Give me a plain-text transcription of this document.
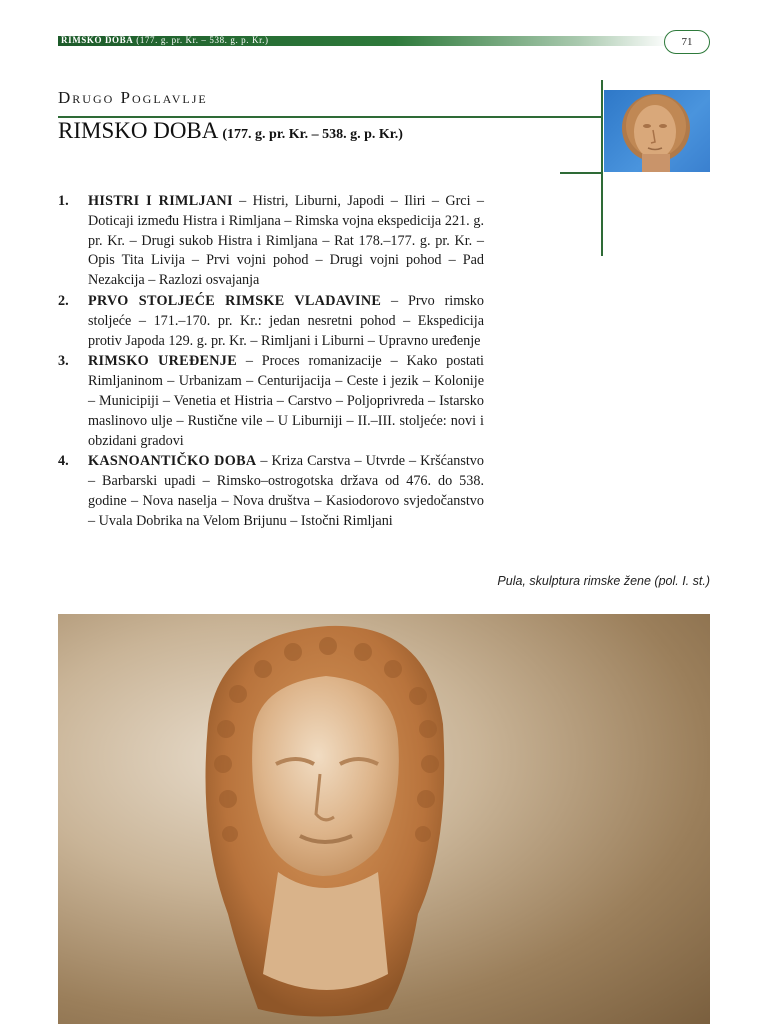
RIMSKO DOBA (177. g. pr. Kr. – 538. g. p. Kr.)	71
Drugo Poglavlje
RIMSKO DOBA (177. g. pr. Kr. – 538. g. p. Kr.)
1.	HISTRI I RIMLJANI – Histri, Liburni, Japodi – Iliri – Grci – Doticaji između Histra i Rimljana – Rimska vojna ekspedicija 221. g. pr. Kr. – Drugi sukob Histra i Rimljana – Rat 178.–177. g. pr. Kr. – Opis Tita Livija – Prvi vojni pohod – Drugi vojni pohod – Pad Nezakcija – Razlozi osvajanja
2.	PRVO STOLJEĆE RIMSKE VLADAVINE – Prvo rimsko stoljeće – 171.–170. pr. Kr.: jedan nesretni pohod – Ekspedicija protiv Japoda 129. g. pr. Kr. – Rimljani i Liburni – Upravno uređenje
3.	RIMSKO UREĐENJE – Proces romanizacije – Kako postati Rimljaninom – Urbanizam – Centurijacija – Ceste i jezik – Kolonije – Municipiji – Venetia et Histria – Carstvo – Poljoprivreda – Istarsko maslinovo ulje – Rustične vile – U Liburniji – II.–III. stoljeće: novi i obzidani gradovi
4.	KASNOANTIČKO DOBA – Kriza Carstva – Utvrde – Kršćanstvo – Barbarski upadi – Rimsko–ostrogotska država od 476. do 538. godine – Nova naselja – Nova društva – Kasiodorovo svjedočanstvo – Uvala Dobrika na Velom Brijunu – Istočni Rimljani
Pula, skulptura rimske žene (pol. I. st.)
